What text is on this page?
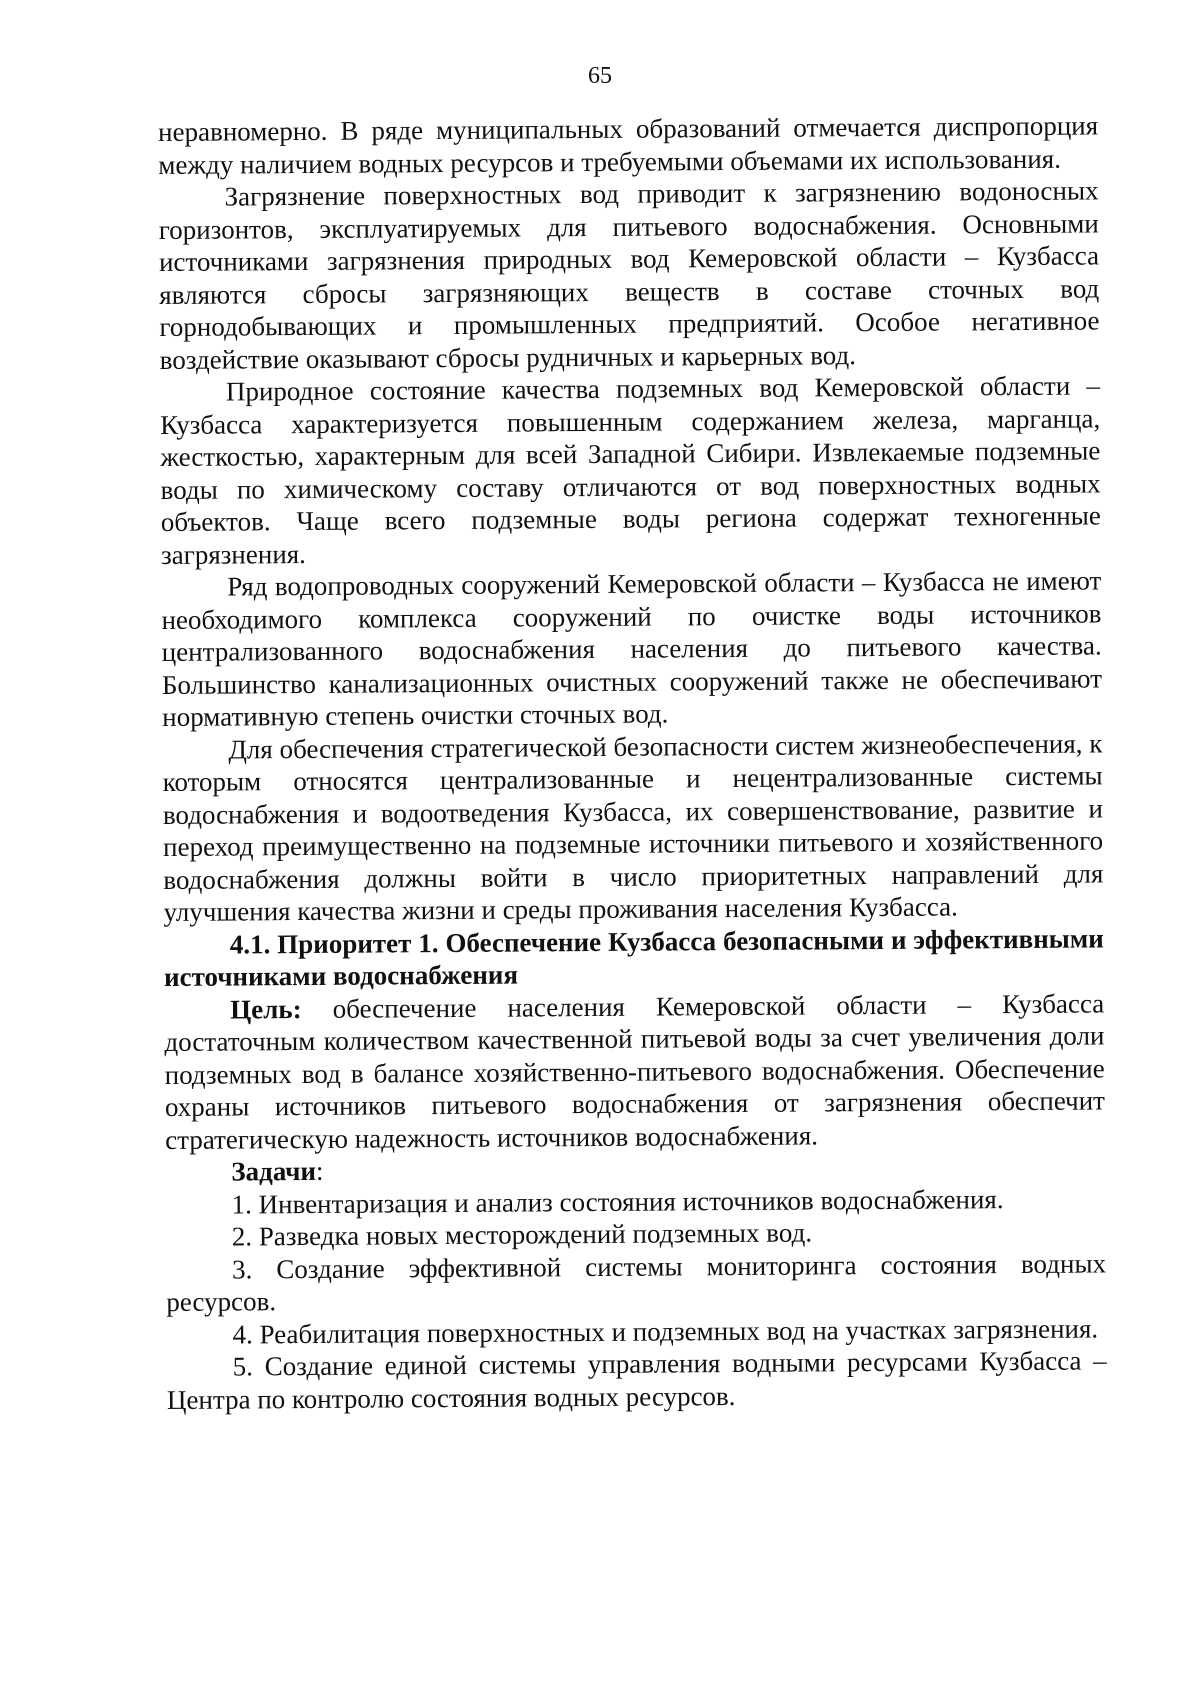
65

неравномерно. В ряде муниципальных образований отмечается диспропорция между наличием водных ресурсов и требуемыми объемами их использования.

Загрязнение поверхностных вод приводит к загрязнению водоносных горизонтов, эксплуатируемых для питьевого водоснабжения. Основными источниками загрязнения природных вод Кемеровской области – Кузбасса являются сбросы загрязняющих веществ в составе сточных вод горнодобывающих и промышленных предприятий. Особое негативное воздействие оказывают сбросы рудничных и карьерных вод.

Природное состояние качества подземных вод Кемеровской области – Кузбасса характеризуется повышенным содержанием железа, марганца, жесткостью, характерным для всей Западной Сибири. Извлекаемые подземные воды по химическому составу отличаются от вод поверхностных водных объектов. Чаще всего подземные воды региона содержат техногенные загрязнения.

Ряд водопроводных сооружений Кемеровской области – Кузбасса не имеют необходимого комплекса сооружений по очистке воды источников централизованного водоснабжения населения до питьевого качества. Большинство канализационных очистных сооружений также не обеспечивают нормативную степень очистки сточных вод.

Для обеспечения стратегической безопасности систем жизнеобеспечения, к которым относятся централизованные и нецентрализованные системы водоснабжения и водоотведения Кузбасса, их совершенствование, развитие и переход преимущественно на подземные источники питьевого и хозяйственного водоснабжения должны войти в число приоритетных направлений для улучшения качества жизни и среды проживания населения Кузбасса.

4.1. Приоритет 1. Обеспечение Кузбасса безопасными и эффективными источниками водоснабжения

Цель: обеспечение населения Кемеровской области – Кузбасса достаточным количеством качественной питьевой воды за счет увеличения доли подземных вод в балансе хозяйственно-питьевого водоснабжения. Обеспечение охраны источников питьевого водоснабжения от загрязнения обеспечит стратегическую надежность источников водоснабжения.

Задачи:

1. Инвентаризация и анализ состояния источников водоснабжения.

2. Разведка новых месторождений подземных вод.

3. Создание эффективной системы мониторинга состояния водных ресурсов.

4. Реабилитация поверхностных и подземных вод на участках загрязнения.

5. Создание единой системы управления водными ресурсами Кузбасса – Центра по контролю состояния водных ресурсов.
